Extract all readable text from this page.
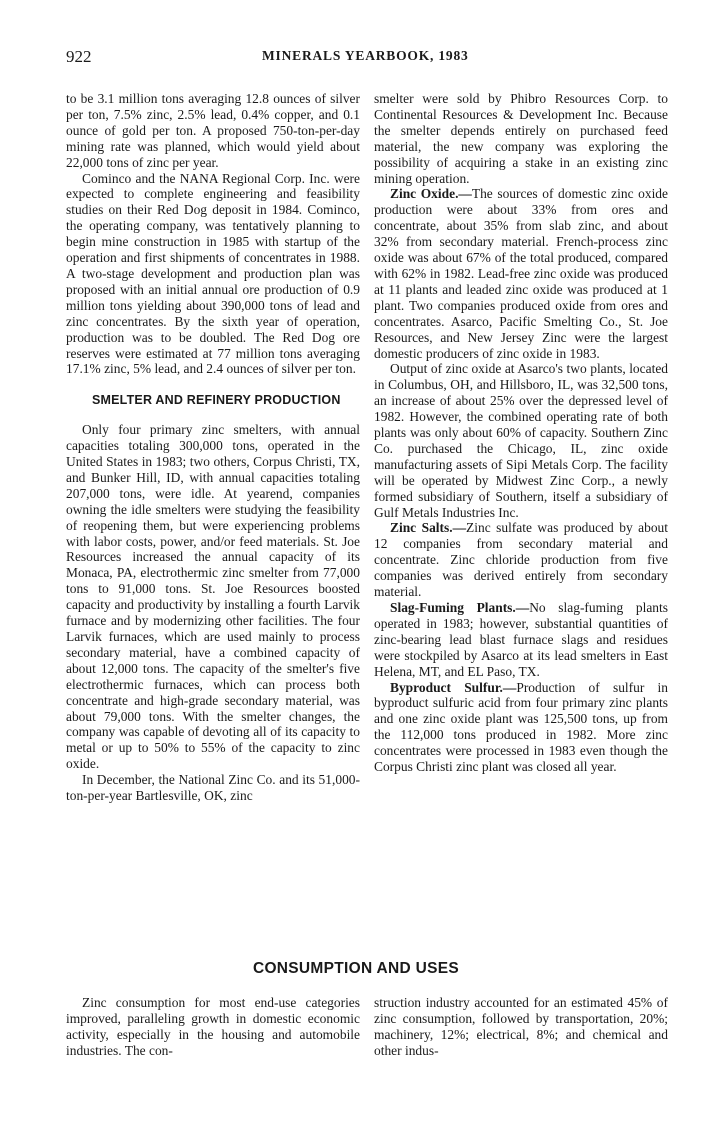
922	MINERALS YEARBOOK, 1983

to be 3.1 million tons averaging 12.8 ounces of silver per ton, 7.5% zinc, 2.5% lead, 0.4% copper, and 0.1 ounce of gold per ton. A proposed 750-ton-per-day mining rate was planned, which would yield about 22,000 tons of zinc per year.

Cominco and the NANA Regional Corp. Inc. were expected to complete engineering and feasibility studies on their Red Dog deposit in 1984. Cominco, the operating company, was tentatively planning to begin mine construction in 1985 with startup of the operation and first shipments of concentrates in 1988. A two-stage development and production plan was proposed with an initial annual ore production of 0.9 million tons yielding about 390,000 tons of lead and zinc concentrates. By the sixth year of operation, production was to be doubled. The Red Dog ore reserves were estimated at 77 million tons averaging 17.1% zinc, 5% lead, and 2.4 ounces of silver per ton.

SMELTER AND REFINERY PRODUCTION

Only four primary zinc smelters, with annual capacities totaling 300,000 tons, operated in the United States in 1983; two others, Corpus Christi, TX, and Bunker Hill, ID, with annual capacities totaling 207,000 tons, were idle. At yearend, companies owning the idle smelters were studying the feasibility of reopening them, but were experiencing problems with labor costs, power, and/or feed materials. St. Joe Resources increased the annual capacity of its Monaca, PA, electrothermic zinc smelter from 77,000 tons to 91,000 tons. St. Joe Resources boosted capacity and productivity by installing a fourth Larvik furnace and by modernizing other facilities. The four Larvik furnaces, which are used mainly to process secondary material, have a combined capacity of about 12,000 tons. The capacity of the smelter's five electrothermic furnaces, which can process both concentrate and high-grade secondary material, was about 79,000 tons. With the smelter changes, the company was capable of devoting all of its capacity to metal or up to 50% to 55% of the capacity to zinc oxide.

In December, the National Zinc Co. and its 51,000-ton-per-year Bartlesville, OK, zinc

smelter were sold by Phibro Resources Corp. to Continental Resources & Development Inc. Because the smelter depends entirely on purchased feed material, the new company was exploring the possibility of acquiring a stake in an existing zinc mining operation.

Zinc Oxide.—The sources of domestic zinc oxide production were about 33% from ores and concentrate, about 35% from slab zinc, and about 32% from secondary material. French-process zinc oxide was about 67% of the total produced, compared with 62% in 1982. Lead-free zinc oxide was produced at 11 plants and leaded zinc oxide was produced at 1 plant. Two companies produced oxide from ores and concentrates. Asarco, Pacific Smelting Co., St. Joe Resources, and New Jersey Zinc were the largest domestic producers of zinc oxide in 1983.

Output of zinc oxide at Asarco's two plants, located in Columbus, OH, and Hillsboro, IL, was 32,500 tons, an increase of about 25% over the depressed level of 1982. However, the combined operating rate of both plants was only about 60% of capacity. Southern Zinc Co. purchased the Chicago, IL, zinc oxide manufacturing assets of Sipi Metals Corp. The facility will be operated by Midwest Zinc Corp., a newly formed subsidiary of Southern, itself a subsidiary of Gulf Metals Industries Inc.

Zinc Salts.—Zinc sulfate was produced by about 12 companies from secondary material and concentrate. Zinc chloride production from five companies was derived entirely from secondary material.

Slag-Fuming Plants.—No slag-fuming plants operated in 1983; however, substantial quantities of zinc-bearing lead blast furnace slags and residues were stockpiled by Asarco at its lead smelters in East Helena, MT, and EL Paso, TX.

Byproduct Sulfur.—Production of sulfur in byproduct sulfuric acid from four primary zinc plants and one zinc oxide plant was 125,500 tons, up from the 112,000 tons produced in 1982. More zinc concentrates were processed in 1983 even though the Corpus Christi zinc plant was closed all year.

CONSUMPTION AND USES

Zinc consumption for most end-use categories improved, paralleling growth in domestic economic activity, especially in the housing and automobile industries. The con-

struction industry accounted for an estimated 45% of zinc consumption, followed by transportation, 20%; machinery, 12%; electrical, 8%; and chemical and other indus-
